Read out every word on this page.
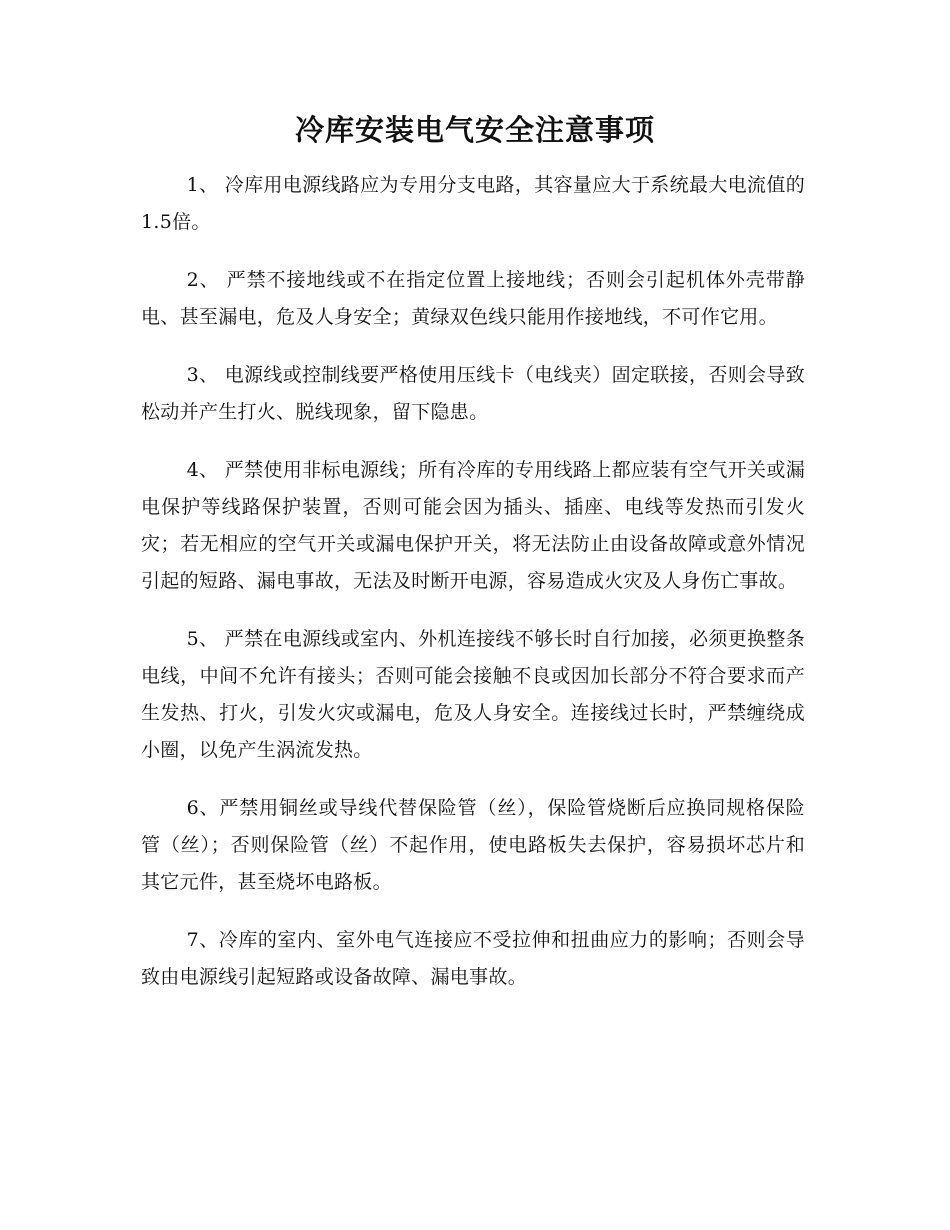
冷库安装电气安全注意事项

1、 冷库用电源线路应为专用分支电路，其容量应大于系统最大电流值的1.5倍。

2、 严禁不接地线或不在指定位置上接地线；否则会引起机体外壳带静电、甚至漏电，危及人身安全；黄绿双色线只能用作接地线，不可作它用。

3、 电源线或控制线要严格使用压线卡（电线夹）固定联接，否则会导致松动并产生打火、脱线现象，留下隐患。

4、 严禁使用非标电源线；所有冷库的专用线路上都应装有空气开关或漏电保护等线路保护装置，否则可能会因为插头、插座、电线等发热而引发火灾；若无相应的空气开关或漏电保护开关，将无法防止由设备故障或意外情况引起的短路、漏电事故，无法及时断开电源，容易造成火灾及人身伤亡事故。

5、 严禁在电源线或室内、外机连接线不够长时自行加接，必须更换整条电线，中间不允许有接头；否则可能会接触不良或因加长部分不符合要求而产生发热、打火，引发火灾或漏电，危及人身安全。连接线过长时，严禁缠绕成小圈，以免产生涡流发热。

6、严禁用铜丝或导线代替保险管（丝），保险管烧断后应换同规格保险管（丝）；否则保险管（丝）不起作用，使电路板失去保护，容易损坏芯片和其它元件，甚至烧坏电路板。

7、冷库的室内、室外电气连接应不受拉伸和扭曲应力的影响；否则会导致由电源线引起短路或设备故障、漏电事故。
